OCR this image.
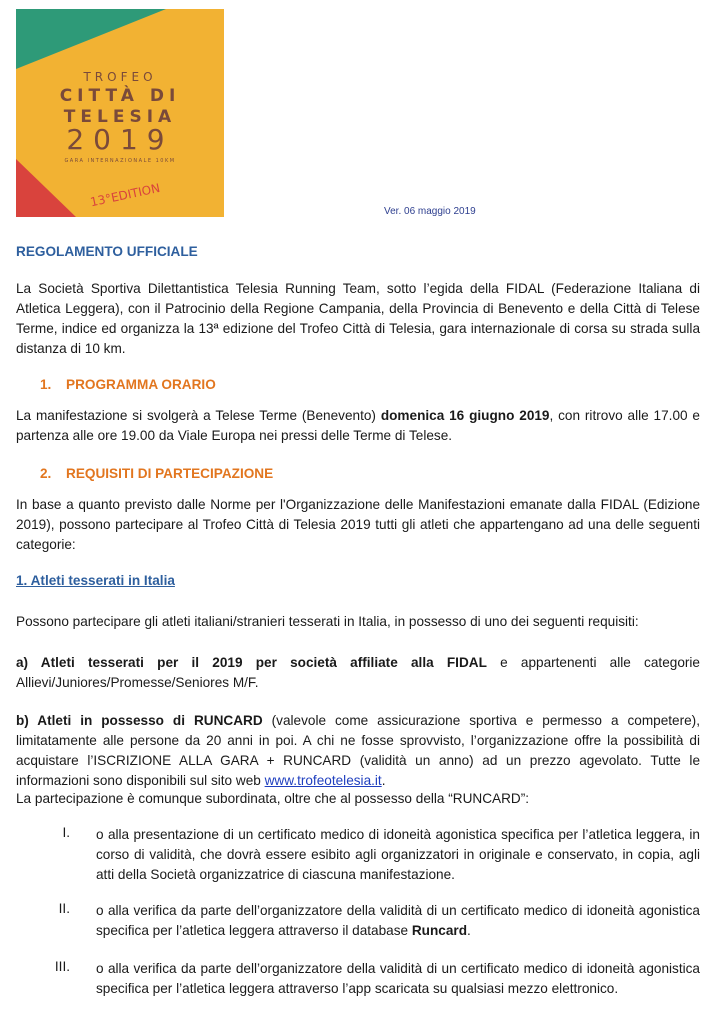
TROFEO
CITTÀ DI
TELESIA
2019
GARA INTERNAZIONALE 10KM
13°EDITION
Ver. 06 maggio 2019
REGOLAMENTO UFFICIALE
La Società Sportiva Dilettantistica Telesia Running Team, sotto l’egida della FIDAL (Federazione Italiana di Atletica Leggera), con il Patrocinio della Regione Campania, della Provincia di Benevento e della Città di Telese Terme, indice ed organizza la 13ª edizione del Trofeo Città di Telesia, gara internazionale di corsa su strada sulla distanza di 10 km.
1. PROGRAMMA ORARIO
La manifestazione si svolgerà a Telese Terme (Benevento) domenica 16 giugno 2019, con ritrovo alle 17.00 e partenza alle ore 19.00 da Viale Europa nei pressi delle Terme di Telese.
2. REQUISITI DI PARTECIPAZIONE
In base a quanto previsto dalle Norme per l'Organizzazione delle Manifestazioni emanate dalla FIDAL (Edizione 2019), possono partecipare al Trofeo Città di Telesia 2019 tutti gli atleti che appartengano ad una delle seguenti categorie:
1. Atleti tesserati in Italia
Possono partecipare gli atleti italiani/stranieri tesserati in Italia, in possesso di uno dei seguenti requisiti:
a) Atleti tesserati per il 2019 per società affiliate alla FIDAL e appartenenti alle categorie Allievi/Juniores/Promesse/Seniores M/F.
b) Atleti in possesso di RUNCARD (valevole come assicurazione sportiva e permesso a competere), limitatamente alle persone da 20 anni in poi. A chi ne fosse sprovvisto, l’organizzazione offre la possibilità di acquistare l’ISCRIZIONE ALLA GARA + RUNCARD (validità un anno) ad un prezzo agevolato. Tutte le informazioni sono disponibili sul sito web www.trofeotelesia.it.
La partecipazione è comunque subordinata, oltre che al possesso della “RUNCARD”:
I. o alla presentazione di un certificato medico di idoneità agonistica specifica per l’atletica leggera, in corso di validità, che dovrà essere esibito agli organizzatori in originale e conservato, in copia, agli atti della Società organizzatrice di ciascuna manifestazione.
II. o alla verifica da parte dell’organizzatore della validità di un certificato medico di idoneità agonistica specifica per l’atletica leggera attraverso il database Runcard.
III. o alla verifica da parte dell’organizzatore della validità di un certificato medico di idoneità agonistica specifica per l’atletica leggera attraverso l’app scaricata su qualsiasi mezzo elettronico.
